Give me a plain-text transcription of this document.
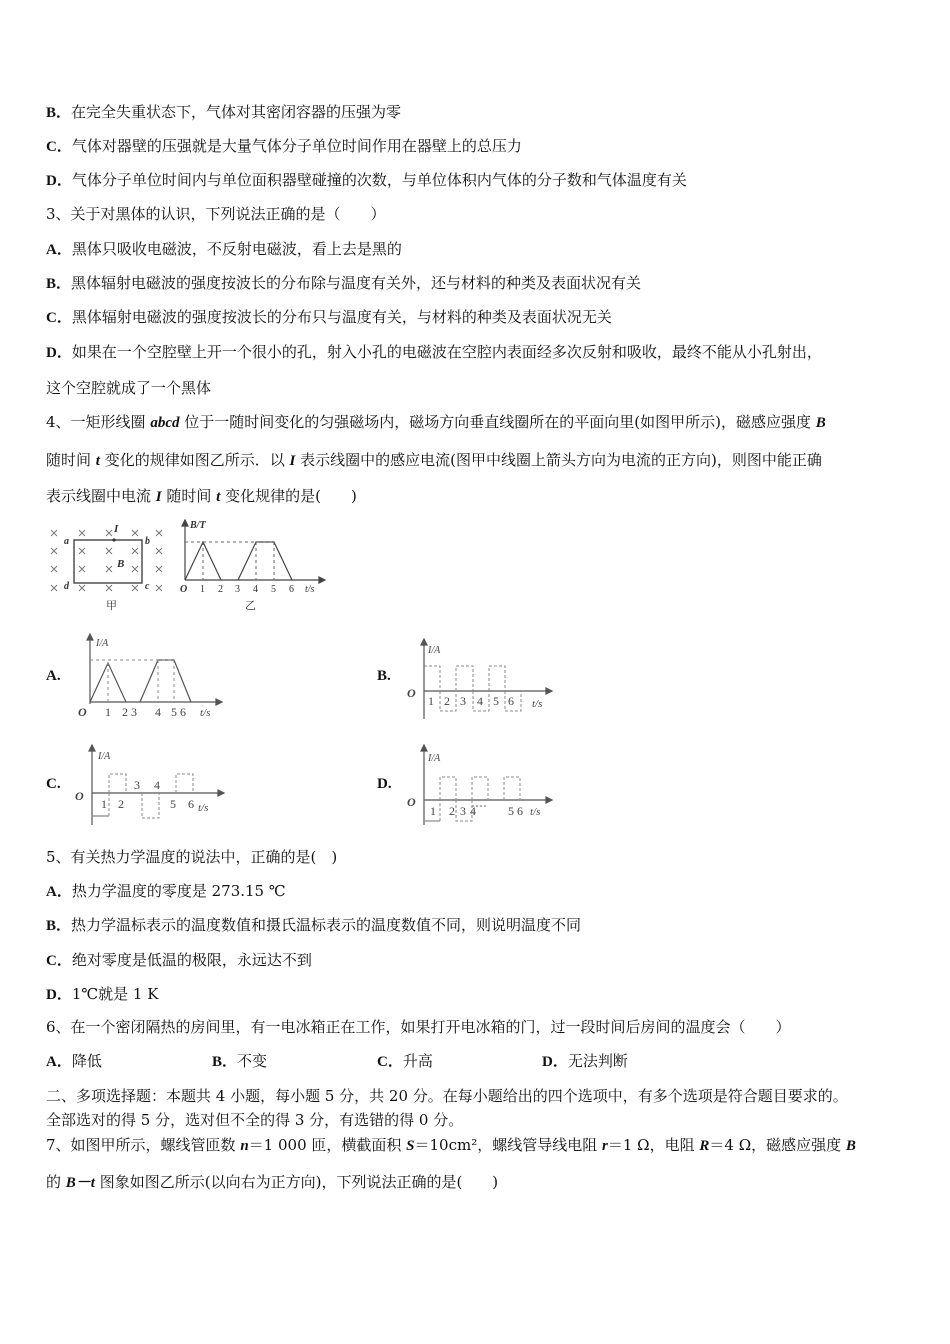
B．在完全失重状态下，气体对其密闭容器的压强为零
C．气体对器壁的压强就是大量气体分子单位时间作用在器壁上的总压力
D．气体分子单位时间内与单位面积器壁碰撞的次数，与单位体积内气体的分子数和气体温度有关
3、关于对黑体的认识，下列说法正确的是（　　）
A．黑体只吸收电磁波，不反射电磁波，看上去是黑的
B．黑体辐射电磁波的强度按波长的分布除与温度有关外，还与材料的种类及表面状况有关
C．黑体辐射电磁波的强度按波长的分布只与温度有关，与材料的种类及表面状况无关
D．如果在一个空腔壁上开一个很小的孔，射入小孔的电磁波在空腔内表面经多次反射和吸收，最终不能从小孔射出，
这个空腔就成了一个黑体
4、一矩形线圈 abcd 位于一随时间变化的匀强磁场内，磁场方向垂直线圈所在的平面向里(如图甲所示)，磁感应强度 B
随时间 t 变化的规律如图乙所示．以 I 表示线圈中的感应电流(图甲中线圈上箭头方向为电流的正方向)，则图中能正确
表示线圈中电流 I 随时间 t 变化规律的是(　　)
I
a	b
c
d
B
甲
B/T
O 1 2 3 4 5 6 t/s
乙
A.
I/A
O 1 2 3 4 5 6 t/s
B.
I/A
O
1 2 3 4 5 6 t/s
C.
I/A
O
1 2
3 4
5 6 t/s
D.
I/A
O
1 2 3 4	5 6 t/s
5、有关热力学温度的说法中，正确的是(　)
A．热力学温度的零度是 273.15 ℃
B．热力学温标表示的温度数值和摄氏温标表示的温度数值不同，则说明温度不同
C．绝对零度是低温的极限，永远达不到
D．1℃就是 1 K
6、在一个密闭隔热的房间里，有一电冰箱正在工作，如果打开电冰箱的门，过一段时间后房间的温度会（　　）
A．降低	B．不变	C．升高	D．无法判断
二、多项选择题：本题共 4 小题，每小题 5 分，共 20 分。在每小题给出的四个选项中，有多个选项是符合题目要求的。
全部选对的得 5 分，选对但不全的得 3 分，有选错的得 0 分。
7、如图甲所示，螺线管匝数 n＝1 000 匝，横截面积 S＝10cm²，螺线管导线电阻 r＝1 Ω，电阻 R＝4 Ω，磁感应强度 B
的 B－t 图象如图乙所示(以向右为正方向)，下列说法正确的是(　　)
